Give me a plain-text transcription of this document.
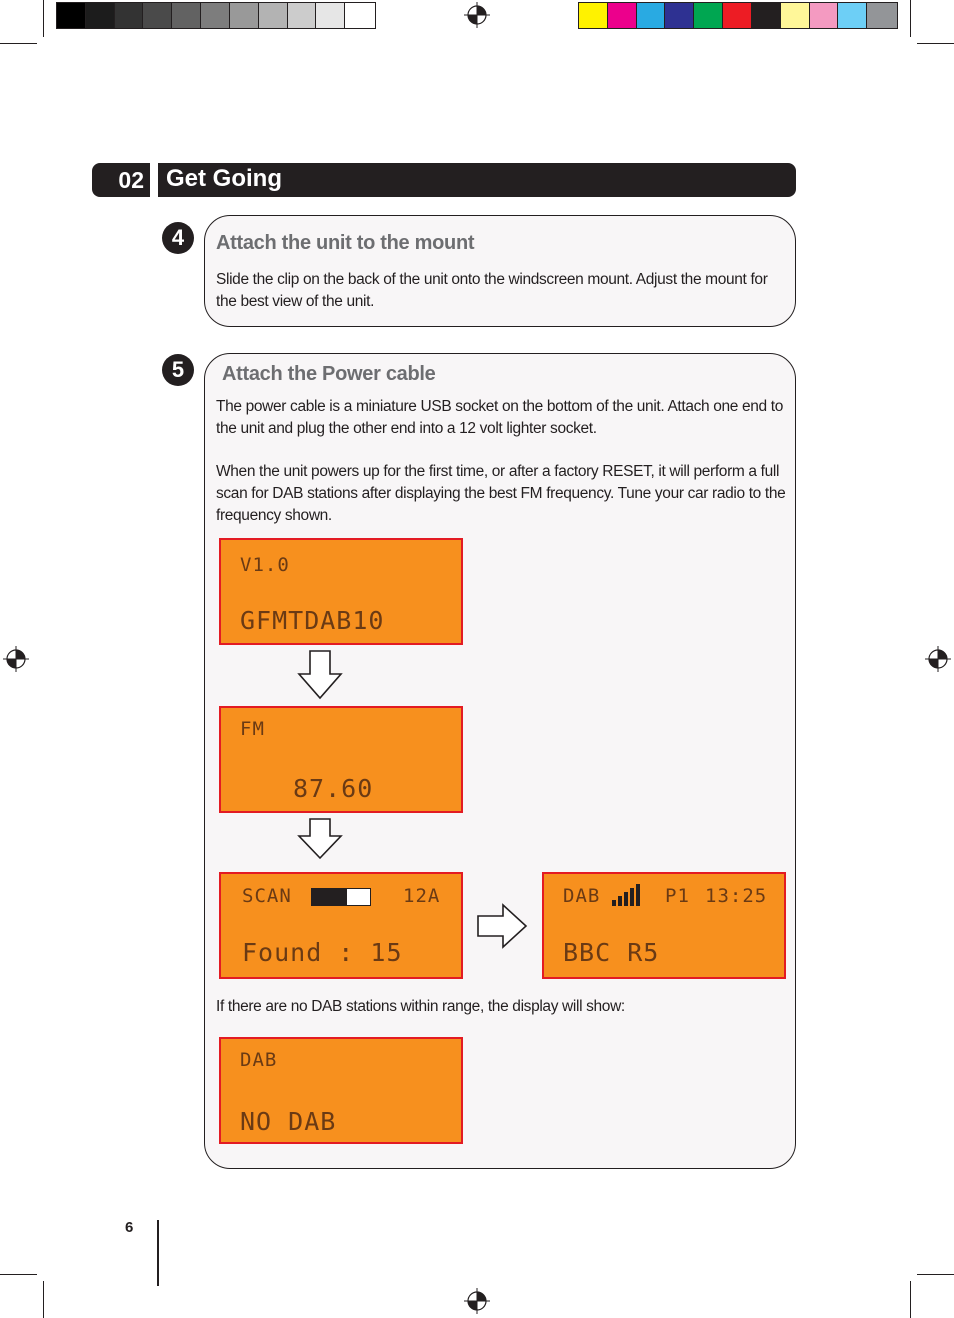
02 Get Going
4	Attach the unit to the mount
Slide the clip on the back of the unit onto the windscreen mount. Adjust the mount for the best view of the unit.
5	Attach the Power cable
The power cable is a miniature USB socket on the bottom of the unit. Attach one end to the unit and plug the other end into a 12 volt lighter socket.
When the unit powers up for the first time, or after a factory RESET, it will perform a full scan for DAB stations after displaying the best FM frequency. Tune your car radio to the frequency shown.
If there are no DAB stations within range, the display will show:
V1.0
GFMTDAB10
FM
87.60
SCAN	12A
Found : 15
DAB	P1 13:25
BBC R5
DAB
NO DAB
6
